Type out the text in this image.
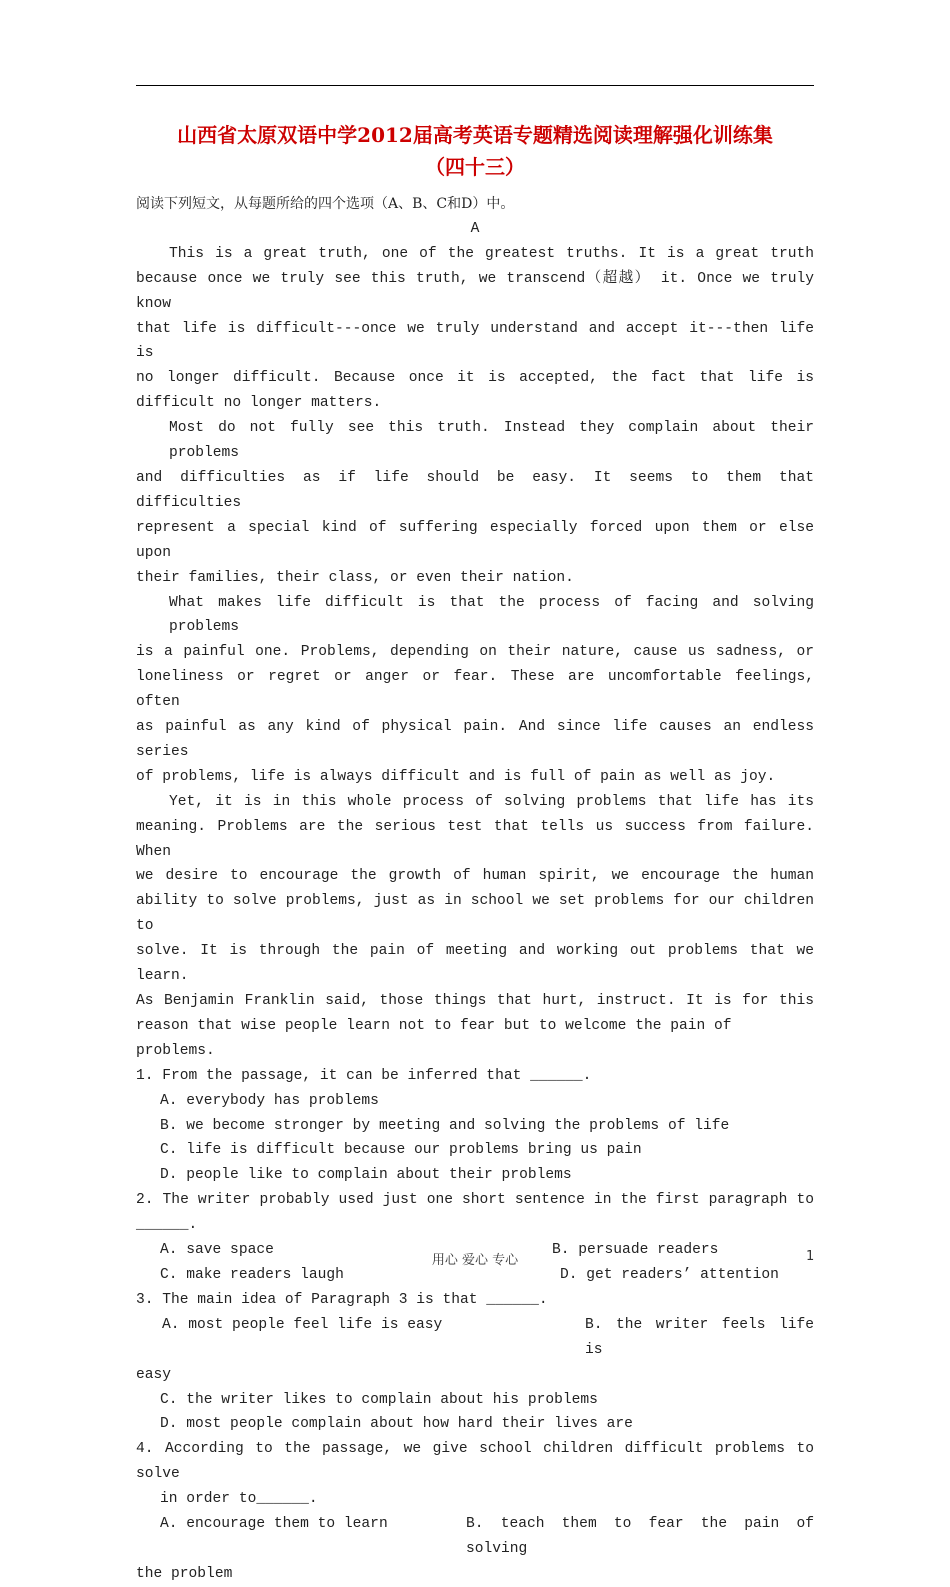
山西省太原双语中学2012届高考英语专题精选阅读理解强化训练集
（四十三）

阅读下列短文，从每题所给的四个选项（A、B、C和D）中。

A

This is a great truth, one of the greatest truths. It is a great truth

because once we truly see this truth, we transcend（超越） it. Once we truly know

that life is difficult---once we truly understand and accept it---then life is

no longer difficult. Because once it is accepted, the fact that life is

difficult no longer matters.

Most do not fully see this truth. Instead they complain about their problems

and difficulties as if life should be easy. It seems to them that difficulties

represent a special kind of suffering especially forced upon them or else upon

their families, their class, or even their nation.

What makes life difficult is that the process of facing and solving problems

is a painful one. Problems, depending on their nature, cause us sadness, or

loneliness or regret or anger or fear. These are uncomfortable feelings, often

as painful as any kind of physical pain. And since life causes an endless series

of problems, life is always difficult and is full of pain as well as joy.

Yet, it is in this whole process of solving problems that life has its

meaning. Problems are the serious test that tells us success from failure. When

we desire to encourage the growth of human spirit, we encourage the human

ability to solve problems, just as in school we set problems for our children to

solve. It is through the pain of meeting and working out problems that we learn.

As Benjamin Franklin said, those things that hurt, instruct. It is for this

reason that wise people learn not to fear but to welcome the pain of problems.

1. From the passage, it can be inferred that ______.

A. everybody has problems

B. we become stronger by meeting and solving the problems of life

C. life is difficult because our problems bring us pain

D. people like to complain about their problems

2. The writer probably used just one short sentence in the first paragraph to

______.

A. save space	B. persuade readers
C. make readers laugh	D. get readers’ attention

3. The main idea of Paragraph 3 is that ______.

A. most people feel life is easy	B. the writer feels life is

easy

C. the writer likes to complain about his problems

D. most people complain about how hard their lives are

4. According to the passage, we give school children difficult problems to solve

in order to______.

A. encourage them to learn	B. teach them to fear the pain of solving

the problem

用心 爱心 专心	1
